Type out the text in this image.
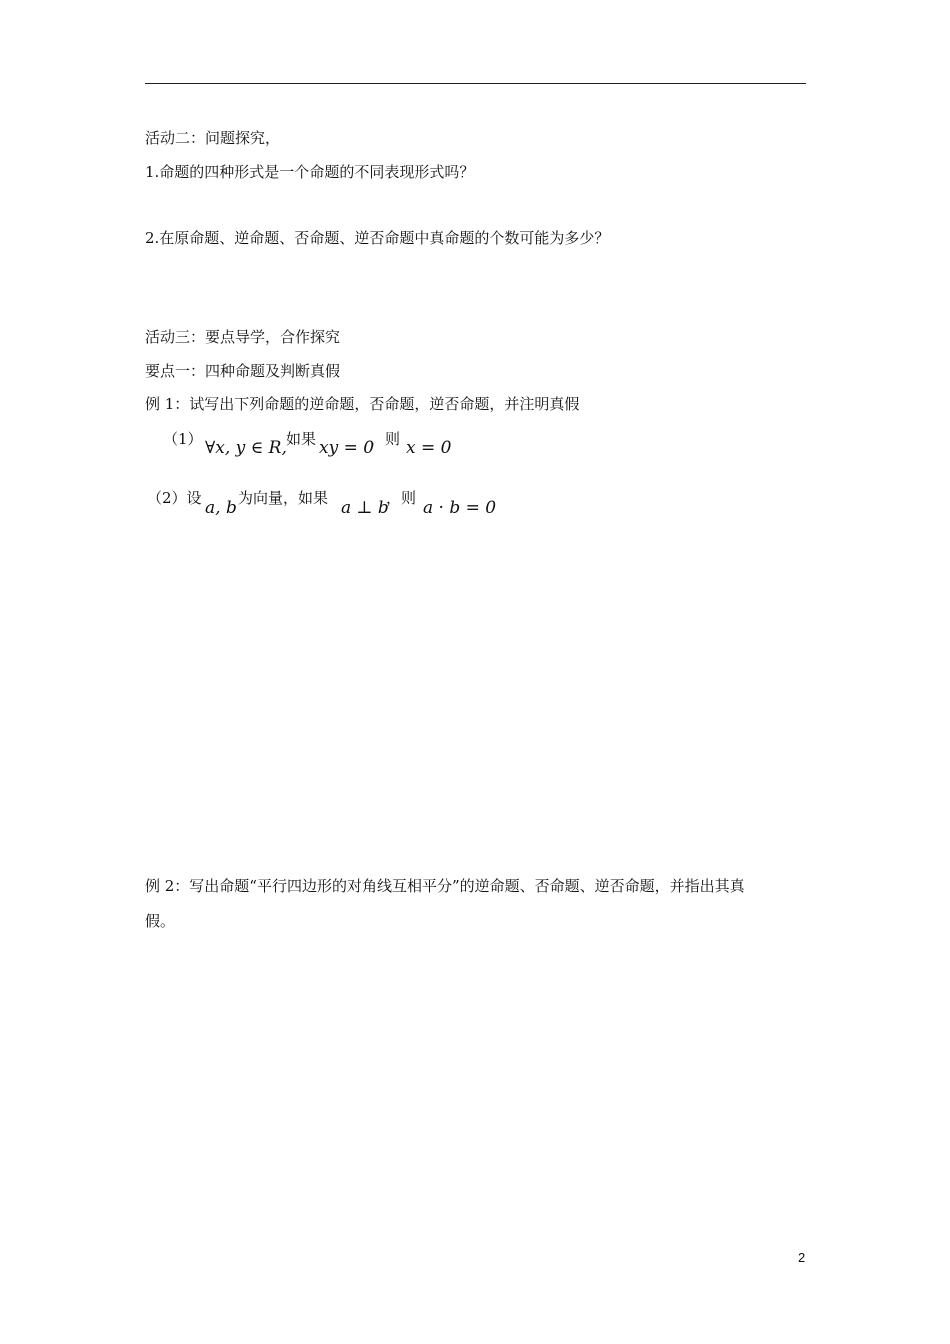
活动二：问题探究，
1.命题的四种形式是一个命题的不同表现形式吗？
2.在原命题、逆命题、否命题、逆否命题中真命题的个数可能为多少？
活动三：要点导学，合作探究
要点一：四种命题及判断真假
例 1：试写出下列命题的逆命题，否命题，逆否命题，并注明真假
（1） ∀x, y ∈ R, 如果 xy = 0
，则 x = 0
（2）设 a, b 为向量，如果 a ⊥ b
，则 a · b = 0
例 2：写出命题“平行四边形的对角线互相平分”的逆命题、否命题、逆否命题，并指出其真
假。
2
